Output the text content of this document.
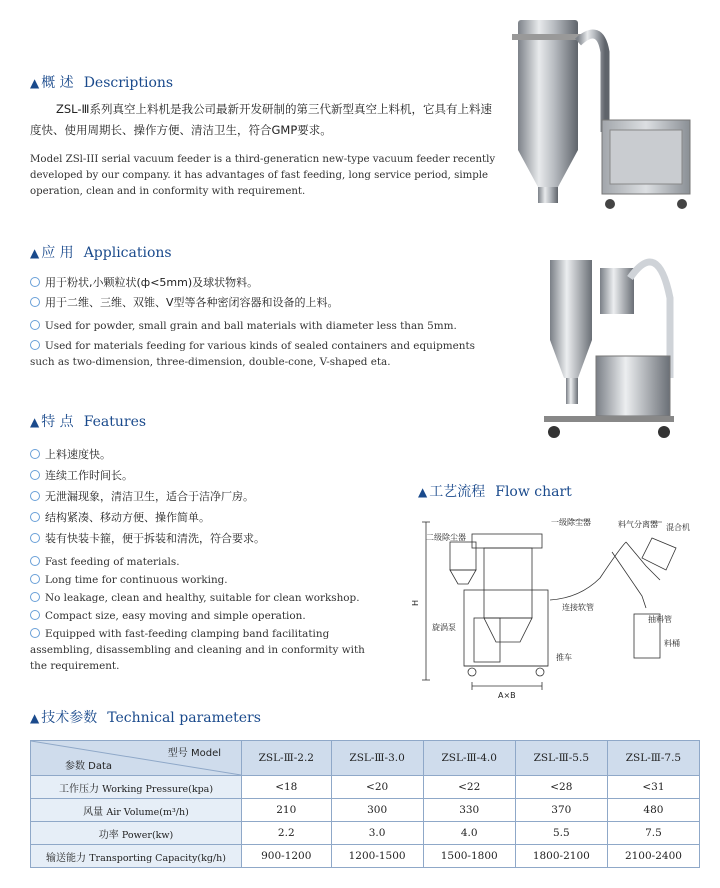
▲ 概 述 Descriptions
ZSL-Ⅲ系列真空上料机是我公司最新开发研制的第三代新型真空上料机，它具有上料速度快、使用周期长、操作方便、清洁卫生，符合GMP要求。
Model ZSl-III serial vacuum feeder is a third-generaticn new-type vacuum feeder recently developed by our company. it has advantages of fast feeding, long service period, simple operation, clean and in conformity with requirement.
▲ 应 用 Applications
用于粉状,小颗粒状(ф<5mm)及球状物料。
用于二维、三维、双锥、V型等各种密闭容器和设备的上料。
Used for powder, small grain and ball materials with diameter less than 5mm.
Used for materials feeding for various kinds of sealed containers and equipments such as two-dimension, three-dimension, double-cone, V-shaped eta.
▲ 特 点 Features
上料速度快。
连续工作时间长。
无泄漏现象，清洁卫生，适合于洁净厂房。
结构紧凑、移动方便、操作简单。
装有快装卡箍，便于拆装和清洗，符合要求。
Fast feeding of materials.
Long time for continuous working.
No leakage, clean and healthy, suitable for clean workshop.
Compact size, easy moving and simple operation.
Equipped with fast-feeding clamping band facilitating assembling, disassembling and cleaning and in conformity with the requirement.
▲ 工艺流程 Flow chart
H
一级除尘器
二级除尘器
料气分离器 混合机
旋涡泵
连接软管
抽料管
料桶
推车
A×B
▲ 技术参数 Technical parameters
型号 Model
参数 Data	ZSL-Ⅲ-2.2	ZSL-Ⅲ-3.0	ZSL-Ⅲ-4.0	ZSL-Ⅲ-5.5	ZSL-Ⅲ-7.5
工作压力 Working Pressure(kpa)	<18	<20	<22	<28	<31
风量 Air Volume(m³/h)	210	300	330	370	480
功率 Power(kw)	2.2	3.0	4.0	5.5	7.5
输送能力 Transporting Capacity(kg/h)	900-1200	1200-1500	1500-1800	1800-2100	2100-2400
